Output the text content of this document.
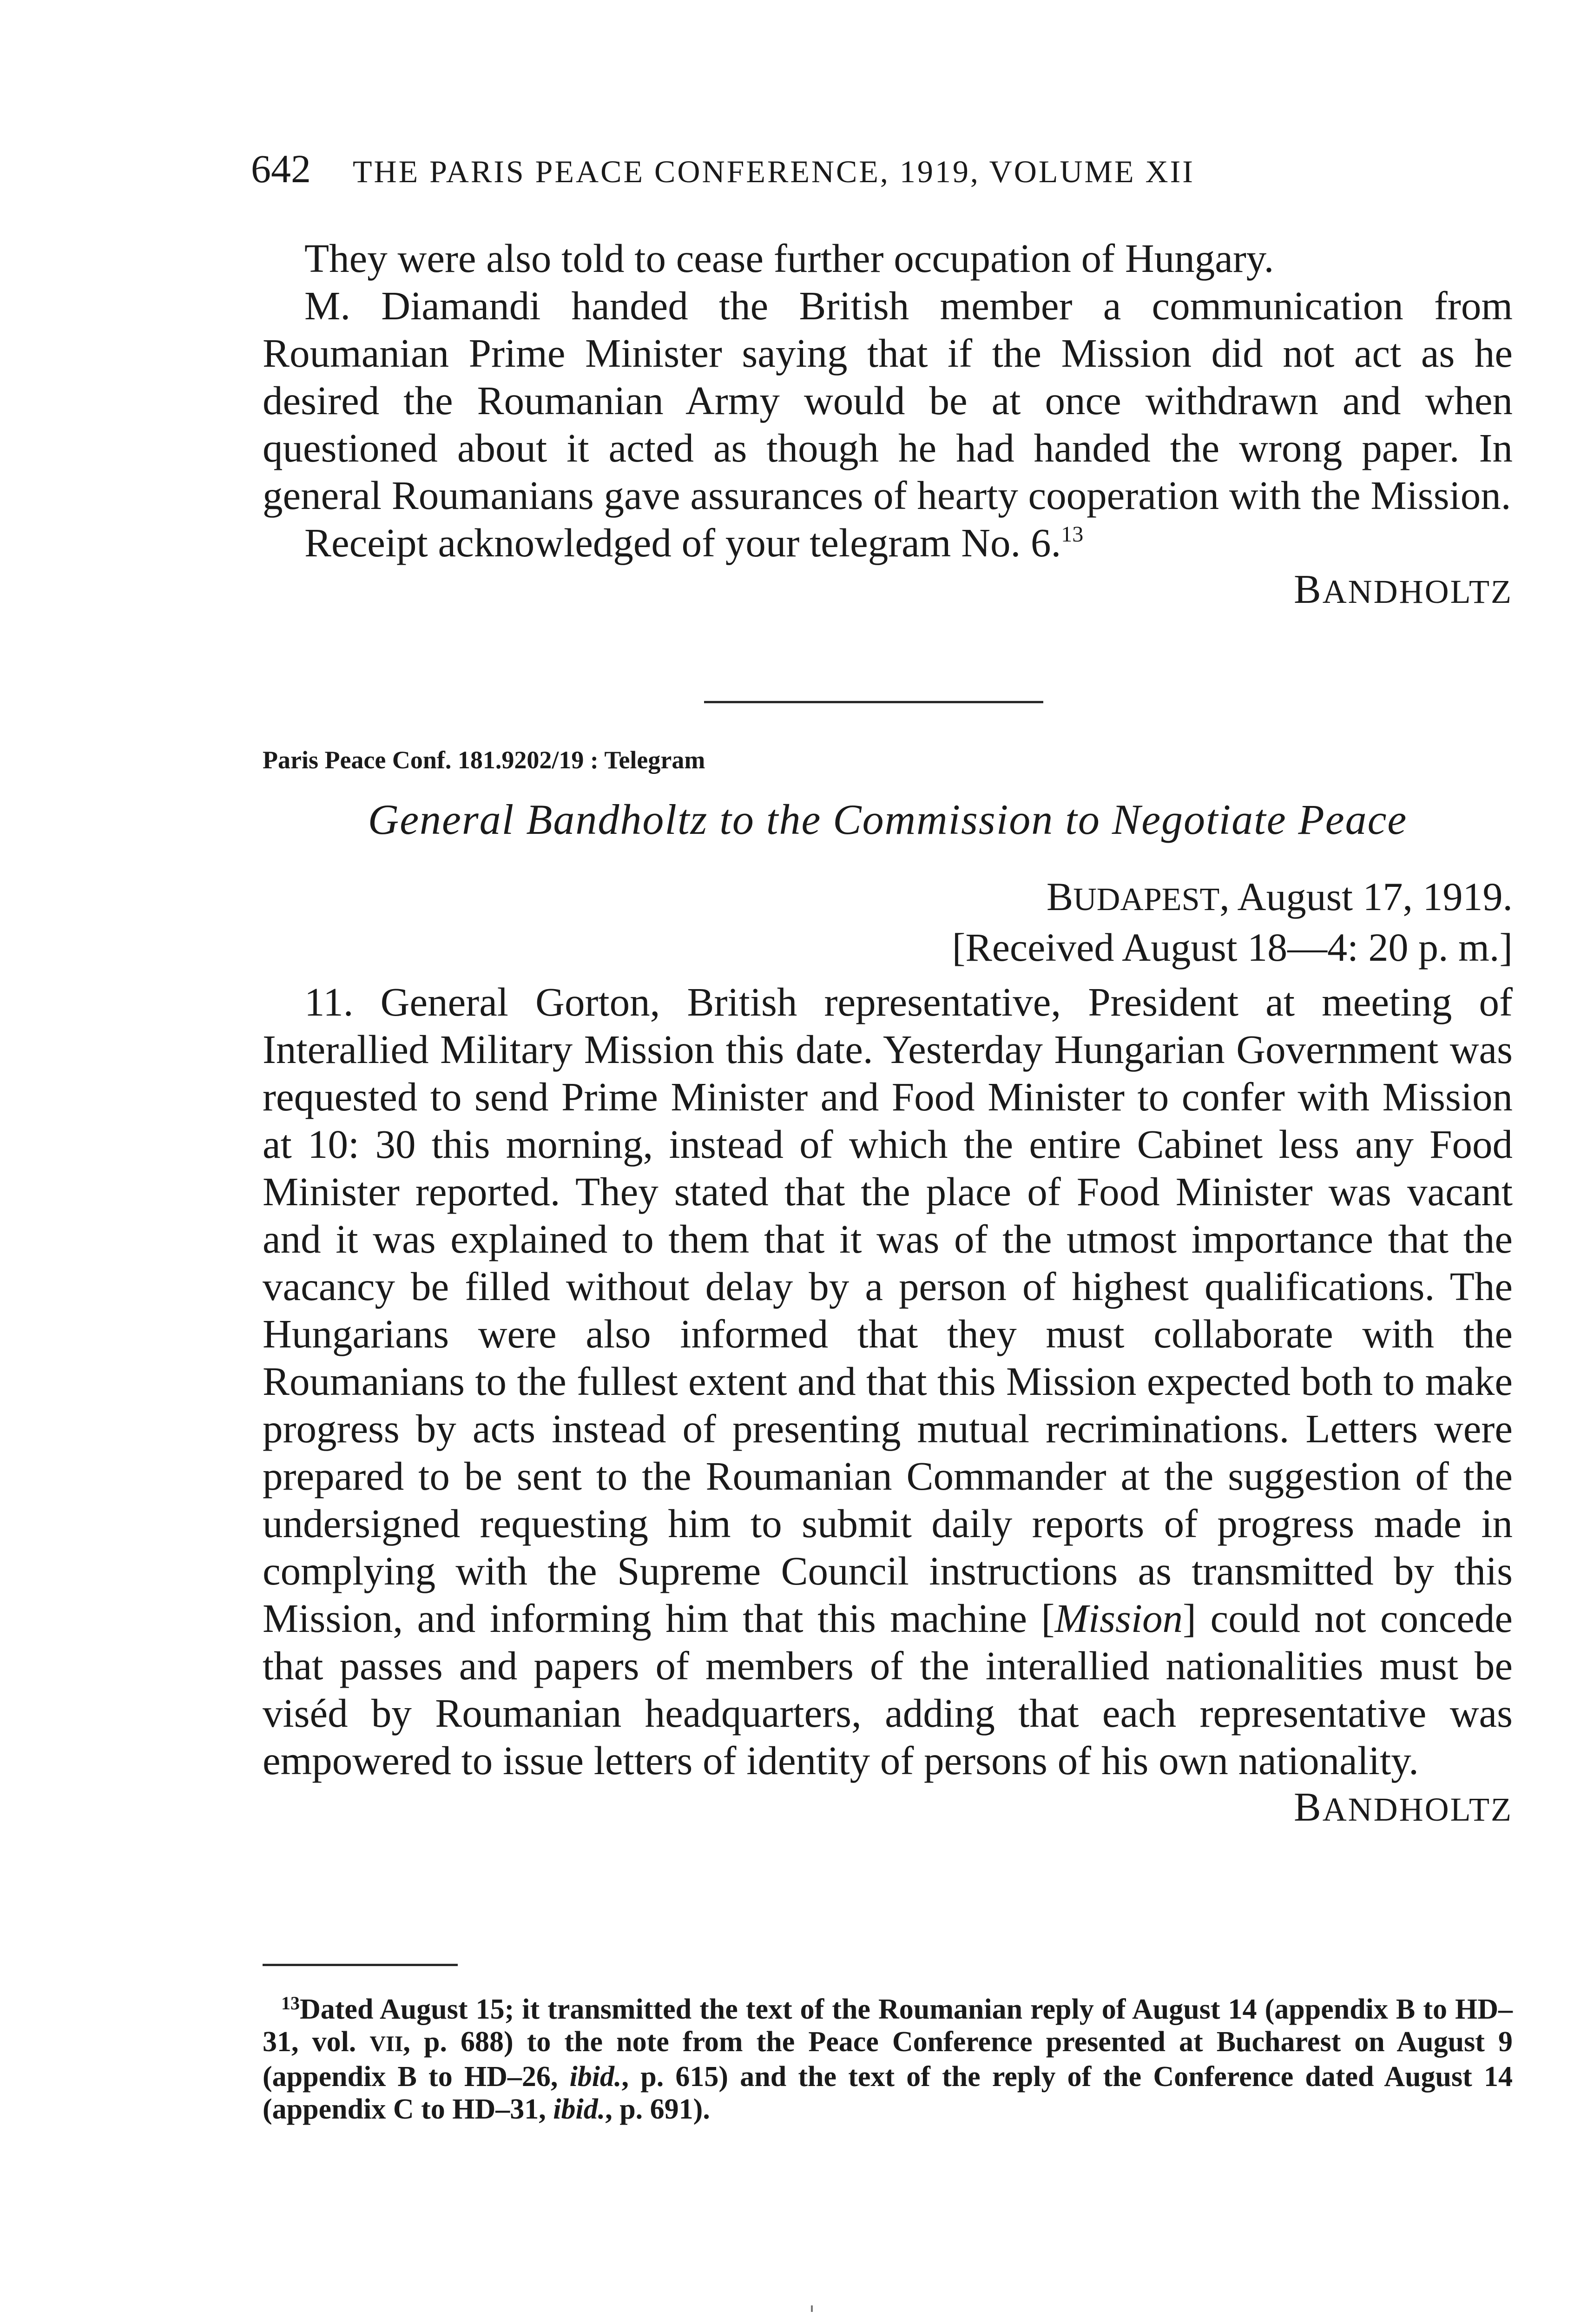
642 THE PARIS PEACE CONFERENCE, 1919, VOLUME XII

They were also told to cease further occupation of Hungary.

M. Diamandi handed the British member a communication from Roumanian Prime Minister saying that if the Mission did not act as he desired the Roumanian Army would be at once withdrawn and when questioned about it acted as though he had handed the wrong paper. In general Roumanians gave assurances of hearty cooperation with the Mission.

Receipt acknowledged of your telegram No. 6.13

BANDHOLTZ
Paris Peace Conf. 181.9202/19 : Telegram
General Bandholtz to the Commission to Negotiate Peace
BUDAPEST, August 17, 1919.
[Received August 18—4: 20 p. m.]

11. General Gorton, British representative, President at meeting of Interallied Military Mission this date. Yesterday Hungarian Government was requested to send Prime Minister and Food Minister to confer with Mission at 10: 30 this morning, instead of which the entire Cabinet less any Food Minister reported. They stated that the place of Food Minister was vacant and it was explained to them that it was of the utmost importance that the vacancy be filled without delay by a person of highest qualifications. The Hungarians were also informed that they must collaborate with the Roumanians to the fullest extent and that this Mission expected both to make progress by acts instead of presenting mutual recriminations. Letters were prepared to be sent to the Roumanian Commander at the suggestion of the undersigned requesting him to submit daily reports of progress made in complying with the Supreme Council instructions as transmitted by this Mission, and informing him that this machine [Mission] could not concede that passes and papers of members of the interallied nationalities must be viséd by Roumanian headquarters, adding that each representative was empowered to issue letters of identity of persons of his own nationality.

BANDHOLTZ
$^{13}$Dated August 15; it transmitted the text of the Roumanian reply of August 14 (appendix B to HD–31, vol. VII, p. 688) to the note from the Peace Conference presented at Bucharest on August 9 (appendix B to HD–26, ibid., p. 615) and the text of the reply of the Conference dated August 14 (appendix C to HD–31, ibid., p. 691).
